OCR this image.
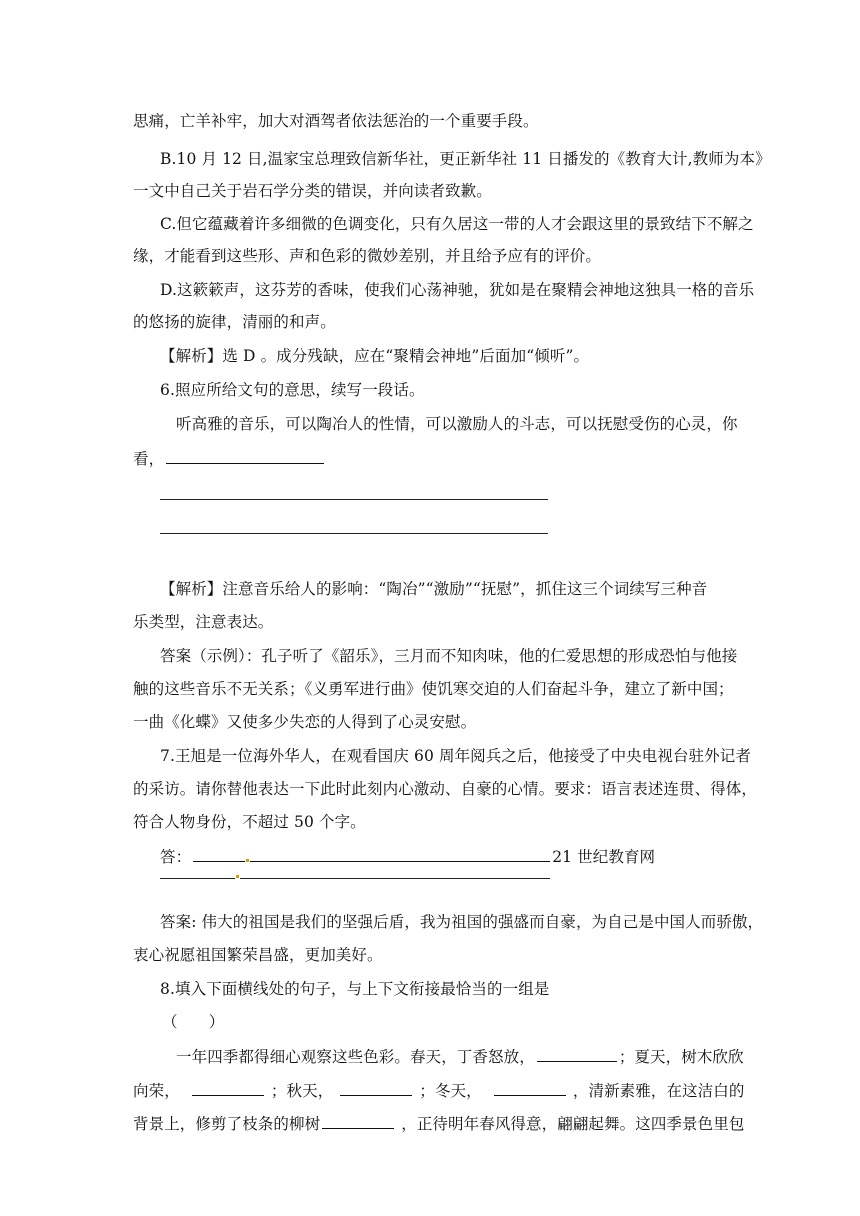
思痛，亡羊补牢，加大对酒驾者依法惩治的一个重要手段。
B.10 月 12 日,温家宝总理致信新华社，更正新华社 11 日播发的《教育大计,教师为本》
一文中自己关于岩石学分类的错误，并向读者致歉。
C.但它蕴藏着许多细微的色调变化，只有久居这一带的人才会跟这里的景致结下不解之
缘，才能看到这些形、声和色彩的微妙差别，并且给予应有的评价。
D.这簌簌声，这芬芳的香味，使我们心荡神驰，犹如是在聚精会神地这独具一格的音乐
的悠扬的旋律，清丽的和声。
【解析】选 D 。成分残缺，应在“聚精会神地”后面加“倾听”。
6.照应所给文句的意思，续写一段话。
听高雅的音乐，可以陶冶人的性情，可以激励人的斗志，可以抚慰受伤的心灵，你
看，
【解析】注意音乐给人的影响：“陶冶”“激励”“抚慰”，抓住这三个词续写三种音
乐类型，注意表达。
答案（示例）：孔子听了《韶乐》，三月而不知肉味，他的仁爱思想的形成恐怕与他接
触的这些音乐不无关系；《义勇军进行曲》使饥寒交迫的人们奋起斗争，建立了新中国；
一曲《化蝶》又使多少失恋的人得到了心灵安慰。
7.王旭是一位海外华人，在观看国庆 60 周年阅兵之后，他接受了中央电视台驻外记者
的采访。请你替他表达一下此时此刻内心激动、自豪的心情。要求：语言表述连贯、得体，
符合人物身份，不超过 50 个字。
答：	21 世纪教育网
答案: 伟大的祖国是我们的坚强后盾，我为祖国的强盛而自豪，为自己是中国人而骄傲，
衷心祝愿祖国繁荣昌盛，更加美好。
8.填入下面横线处的句子，与上下文衔接最恰当的一组是
（　　）
一年四季都得细心观察这些色彩。春天，丁香怒放，	；夏天，树木欣欣
向荣，	；秋天，	；冬天，	，清新素雅，在这洁白的
背景上，修剪了枝条的柳树	，正待明年春风得意，翩翩起舞。这四季景色里包
